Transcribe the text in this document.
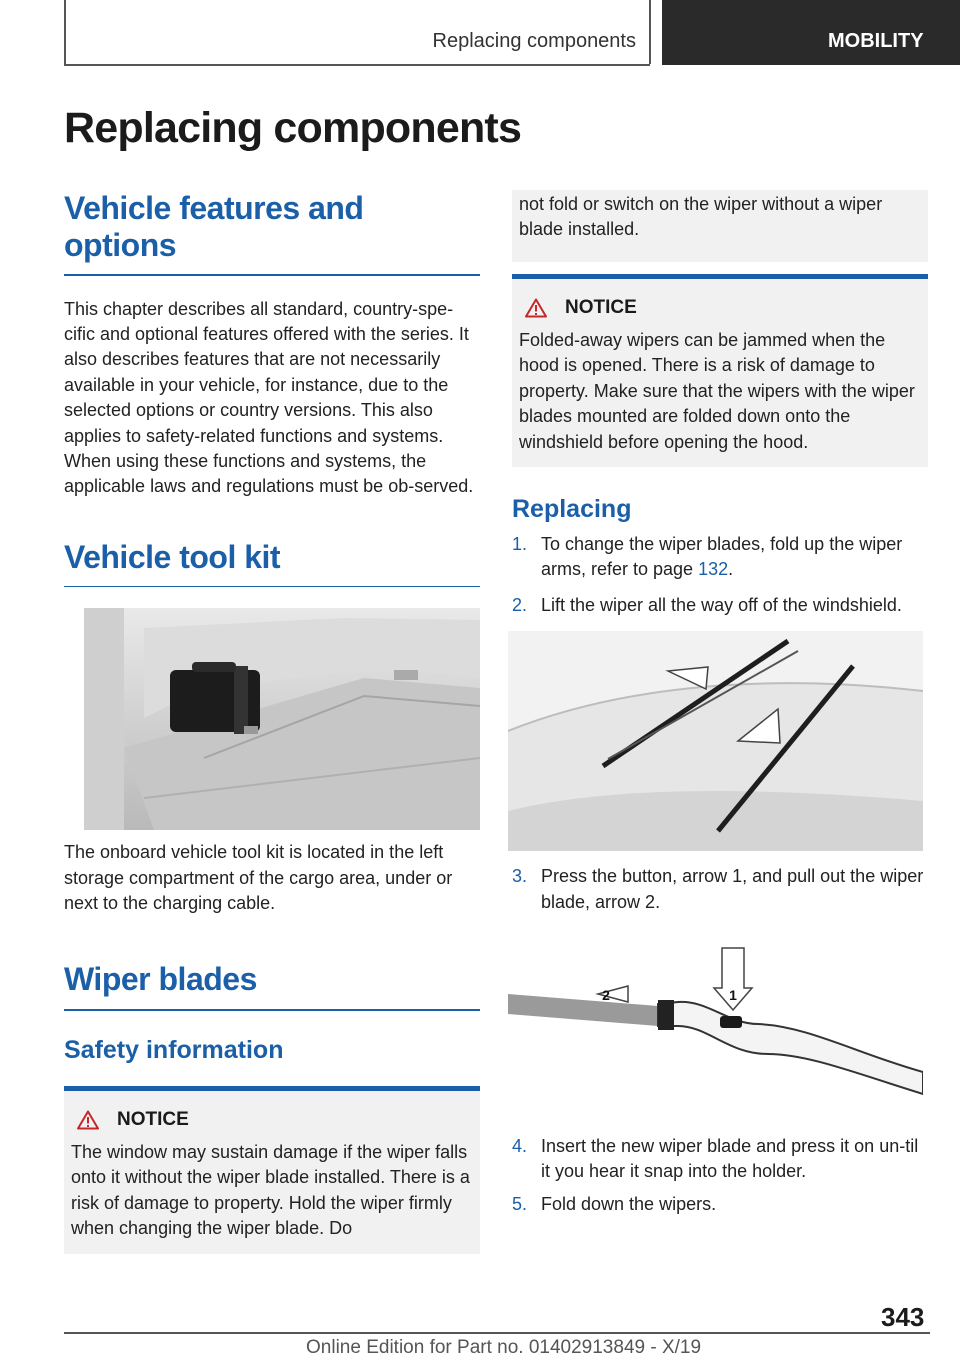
Replacing components	MOBILITY
Replacing components
Vehicle features and options
This chapter describes all standard, country-spe-cific and optional features offered with the series. It also describes features that are not necessarily available in your vehicle, for instance, due to the selected options or country versions. This also applies to safety-related functions and systems. When using these functions and systems, the applicable laws and regulations must be ob-served.
Vehicle tool kit
The onboard vehicle tool kit is located in the left storage compartment of the cargo area, under or next to the charging cable.
Wiper blades
Safety information
NOTICE
The window may sustain damage if the wiper falls onto it without the wiper blade installed. There is a risk of damage to property. Hold the wiper firmly when changing the wiper blade. Do
not fold or switch on the wiper without a wiper blade installed.
NOTICE
Folded-away wipers can be jammed when the hood is opened. There is a risk of damage to property. Make sure that the wipers with the wiper blades mounted are folded down onto the windshield before opening the hood.
Replacing
1. To change the wiper blades, fold up the wiper arms, refer to page 132.
2. Lift the wiper all the way off of the windshield.
3. Press the button, arrow 1, and pull out the wiper blade, arrow 2.
1
2
4. Insert the new wiper blade and press it on un-til it you hear it snap into the holder.
5. Fold down the wipers.
343
Online Edition for Part no. 01402913849 - X/19
